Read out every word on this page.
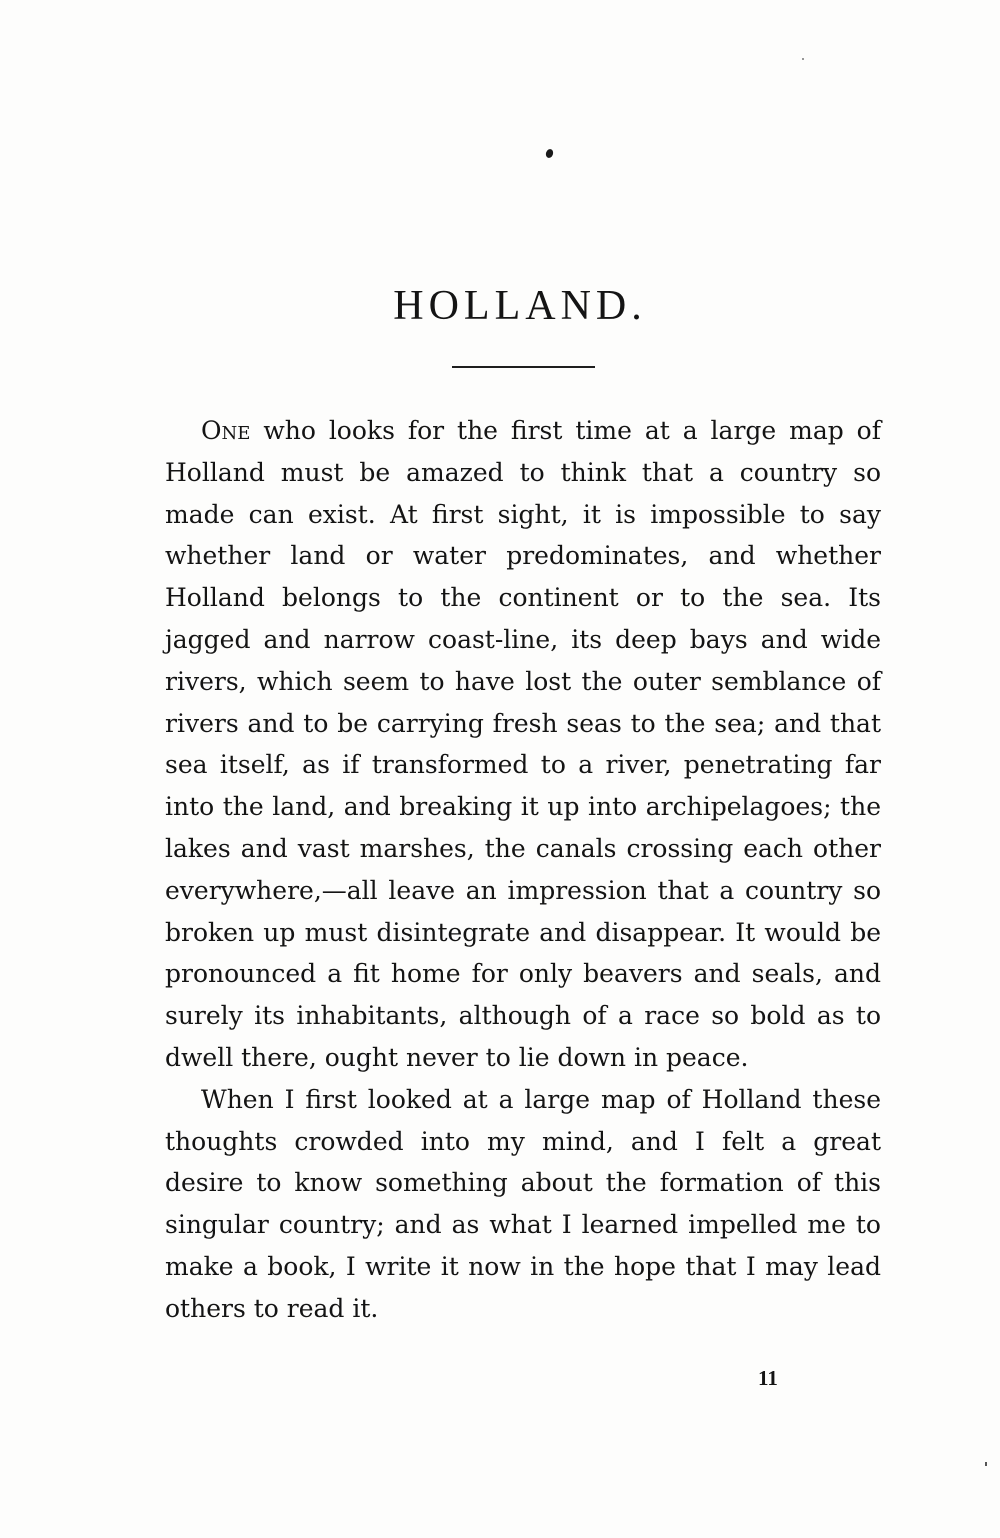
HOLLAND.

One who looks for the first time at a large map of Holland must be amazed to think that a country so made can exist. At first sight, it is impossible to say whether land or water predominates, and whether Holland belongs to the continent or to the sea. Its jagged and narrow coast-line, its deep bays and wide rivers, which seem to have lost the outer semblance of rivers and to be carrying fresh seas to the sea; and that sea itself, as if transformed to a river, penetrating far into the land, and breaking it up into archipelagoes; the lakes and vast marshes, the canals crossing each other everywhere,—all leave an impression that a country so broken up must disintegrate and disappear. It would be pronounced a fit home for only beavers and seals, and surely its inhabitants, although of a race so bold as to dwell there, ought never to lie down in peace.

When I first looked at a large map of Holland these thoughts crowded into my mind, and I felt a great desire to know something about the formation of this singular country; and as what I learned impelled me to make a book, I write it now in the hope that I may lead others to read it.

11
